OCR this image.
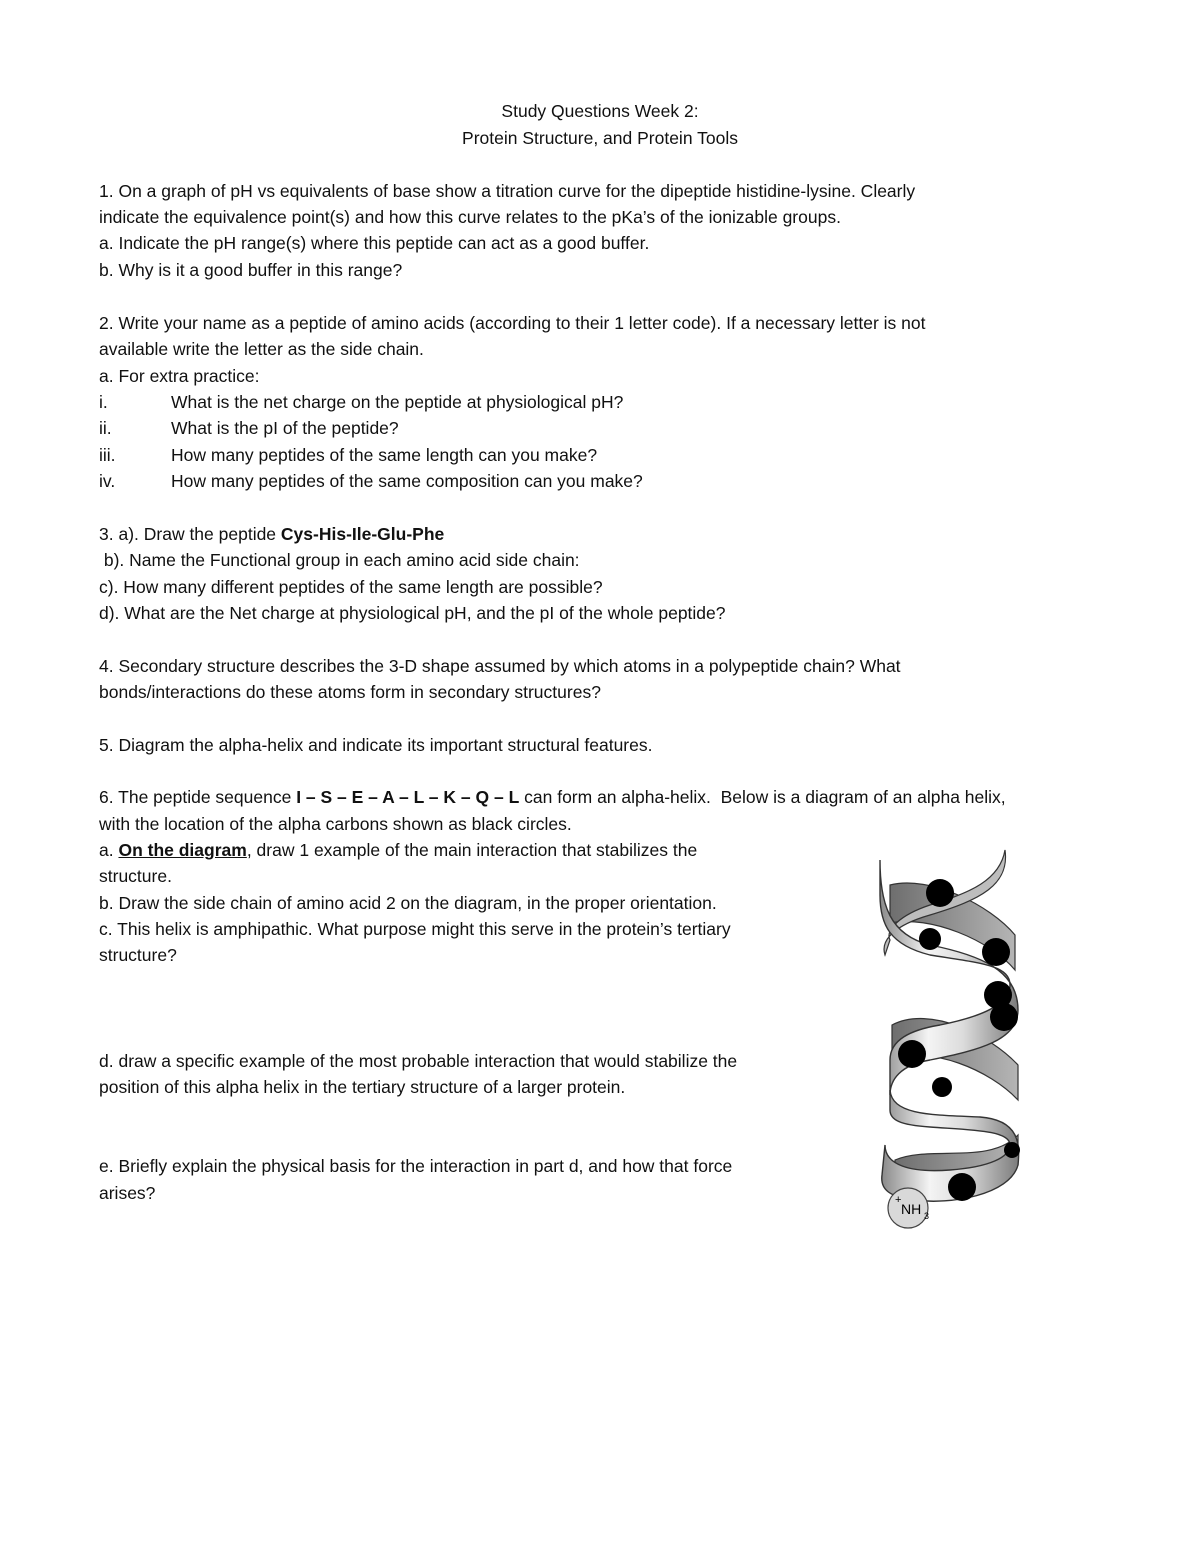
Study Questions Week 2:
Protein Structure, and Protein Tools
1. On a graph of pH vs equivalents of base show a titration curve for the dipeptide histidine-lysine. Clearly
indicate the equivalence point(s) and how this curve relates to the pKa’s of the ionizable groups.
a. Indicate the pH range(s) where this peptide can act as a good buffer.
b. Why is it a good buffer in this range?
2. Write your name as a peptide of amino acids (according to their 1 letter code). If a necessary letter is not
available write the letter as the side chain.
a. For extra practice:
i.	What is the net charge on the peptide at physiological pH?
ii.	What is the pI of the peptide?
iii.	How many peptides of the same length can you make?
iv.	How many peptides of the same composition can you make?
3. a). Draw the peptide Cys-His-Ile-Glu-Phe
b). Name the Functional group in each amino acid side chain:
c). How many different peptides of the same length are possible?
d). What are the Net charge at physiological pH, and the pI of the whole peptide?
4. Secondary structure describes the 3-D shape assumed by which atoms in a polypeptide chain? What
bonds/interactions do these atoms form in secondary structures?
5. Diagram the alpha-helix and indicate its important structural features.
6. The peptide sequence I – S – E – A – L – K – Q – L can form an alpha-helix.  Below is a diagram of an alpha helix,
with the location of the alpha carbons shown as black circles.
a. On the diagram, draw 1 example of the main interaction that stabilizes the
structure.
b. Draw the side chain of amino acid 2 on the diagram, in the proper orientation.
c. This helix is amphipathic. What purpose might this serve in the protein’s tertiary
structure?
d. draw a specific example of the most probable interaction that would stabilize the
position of this alpha helix in the tertiary structure of a larger protein.
e. Briefly explain the physical basis for the interaction in part d, and how that force
arises?	+
NH 3
